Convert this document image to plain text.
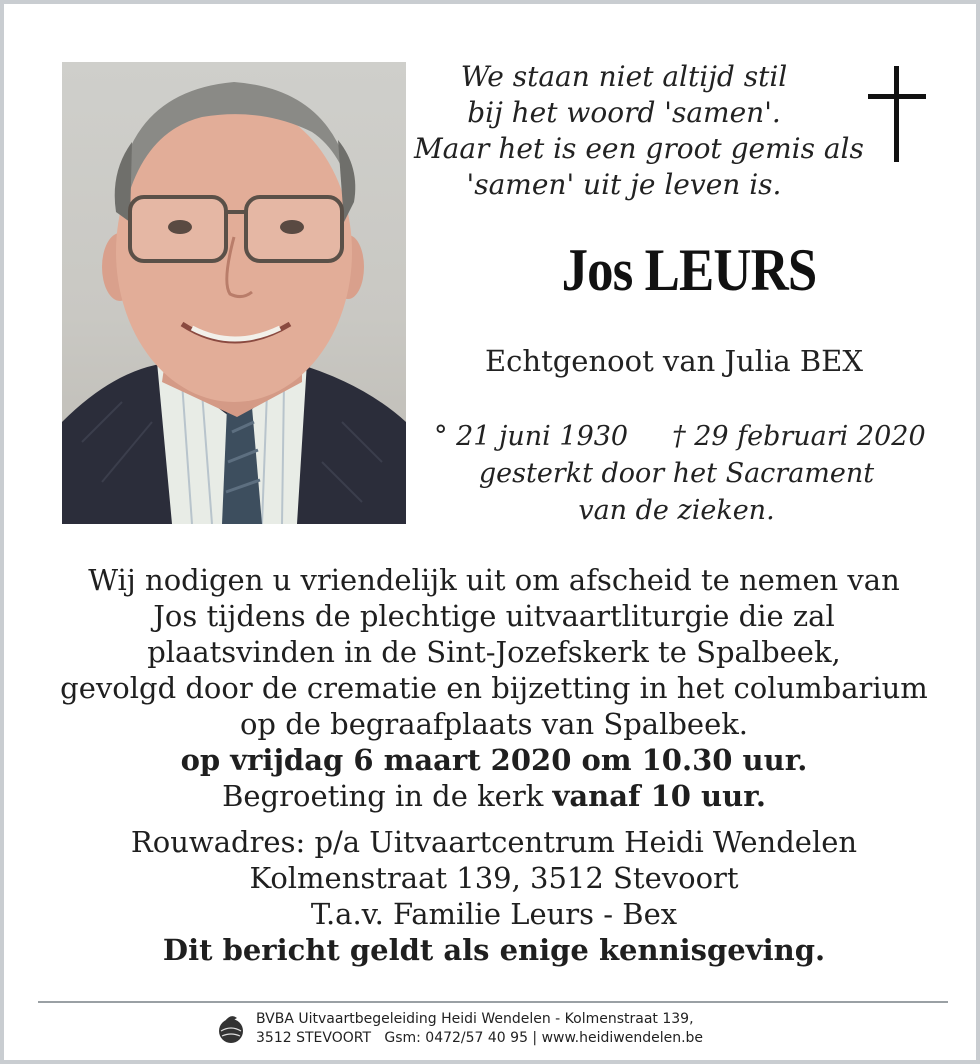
We staan niet altijd stil
bij het woord 'samen'.
Maar het is een groot gemis als
'samen' uit je leven is.
Jos LEURS
Echtgenoot van Julia BEX
° 21 juni 1930 † 29 februari 2020
gesterkt door het Sacrament
van de zieken.
Wij nodigen u vriendelijk uit om afscheid te nemen van
Jos tijdens de plechtige uitvaartliturgie die zal
plaatsvinden in de Sint-Jozefskerk te Spalbeek,
gevolgd door de crematie en bijzetting in het columbarium
op de begraafplaats van Spalbeek.
op vrijdag 6 maart 2020 om 10.30 uur.
Begroeting in de kerk vanaf 10 uur.
Rouwadres: p/a Uitvaartcentrum Heidi Wendelen
Kolmenstraat 139, 3512 Stevoort
T.a.v. Familie Leurs - Bex
Dit bericht geldt als enige kennisgeving.
BVBA Uitvaartbegeleiding Heidi Wendelen - Kolmenstraat 139,
3512 STEVOORT   Gsm: 0472/57 40 95 | www.heidiwendelen.be
